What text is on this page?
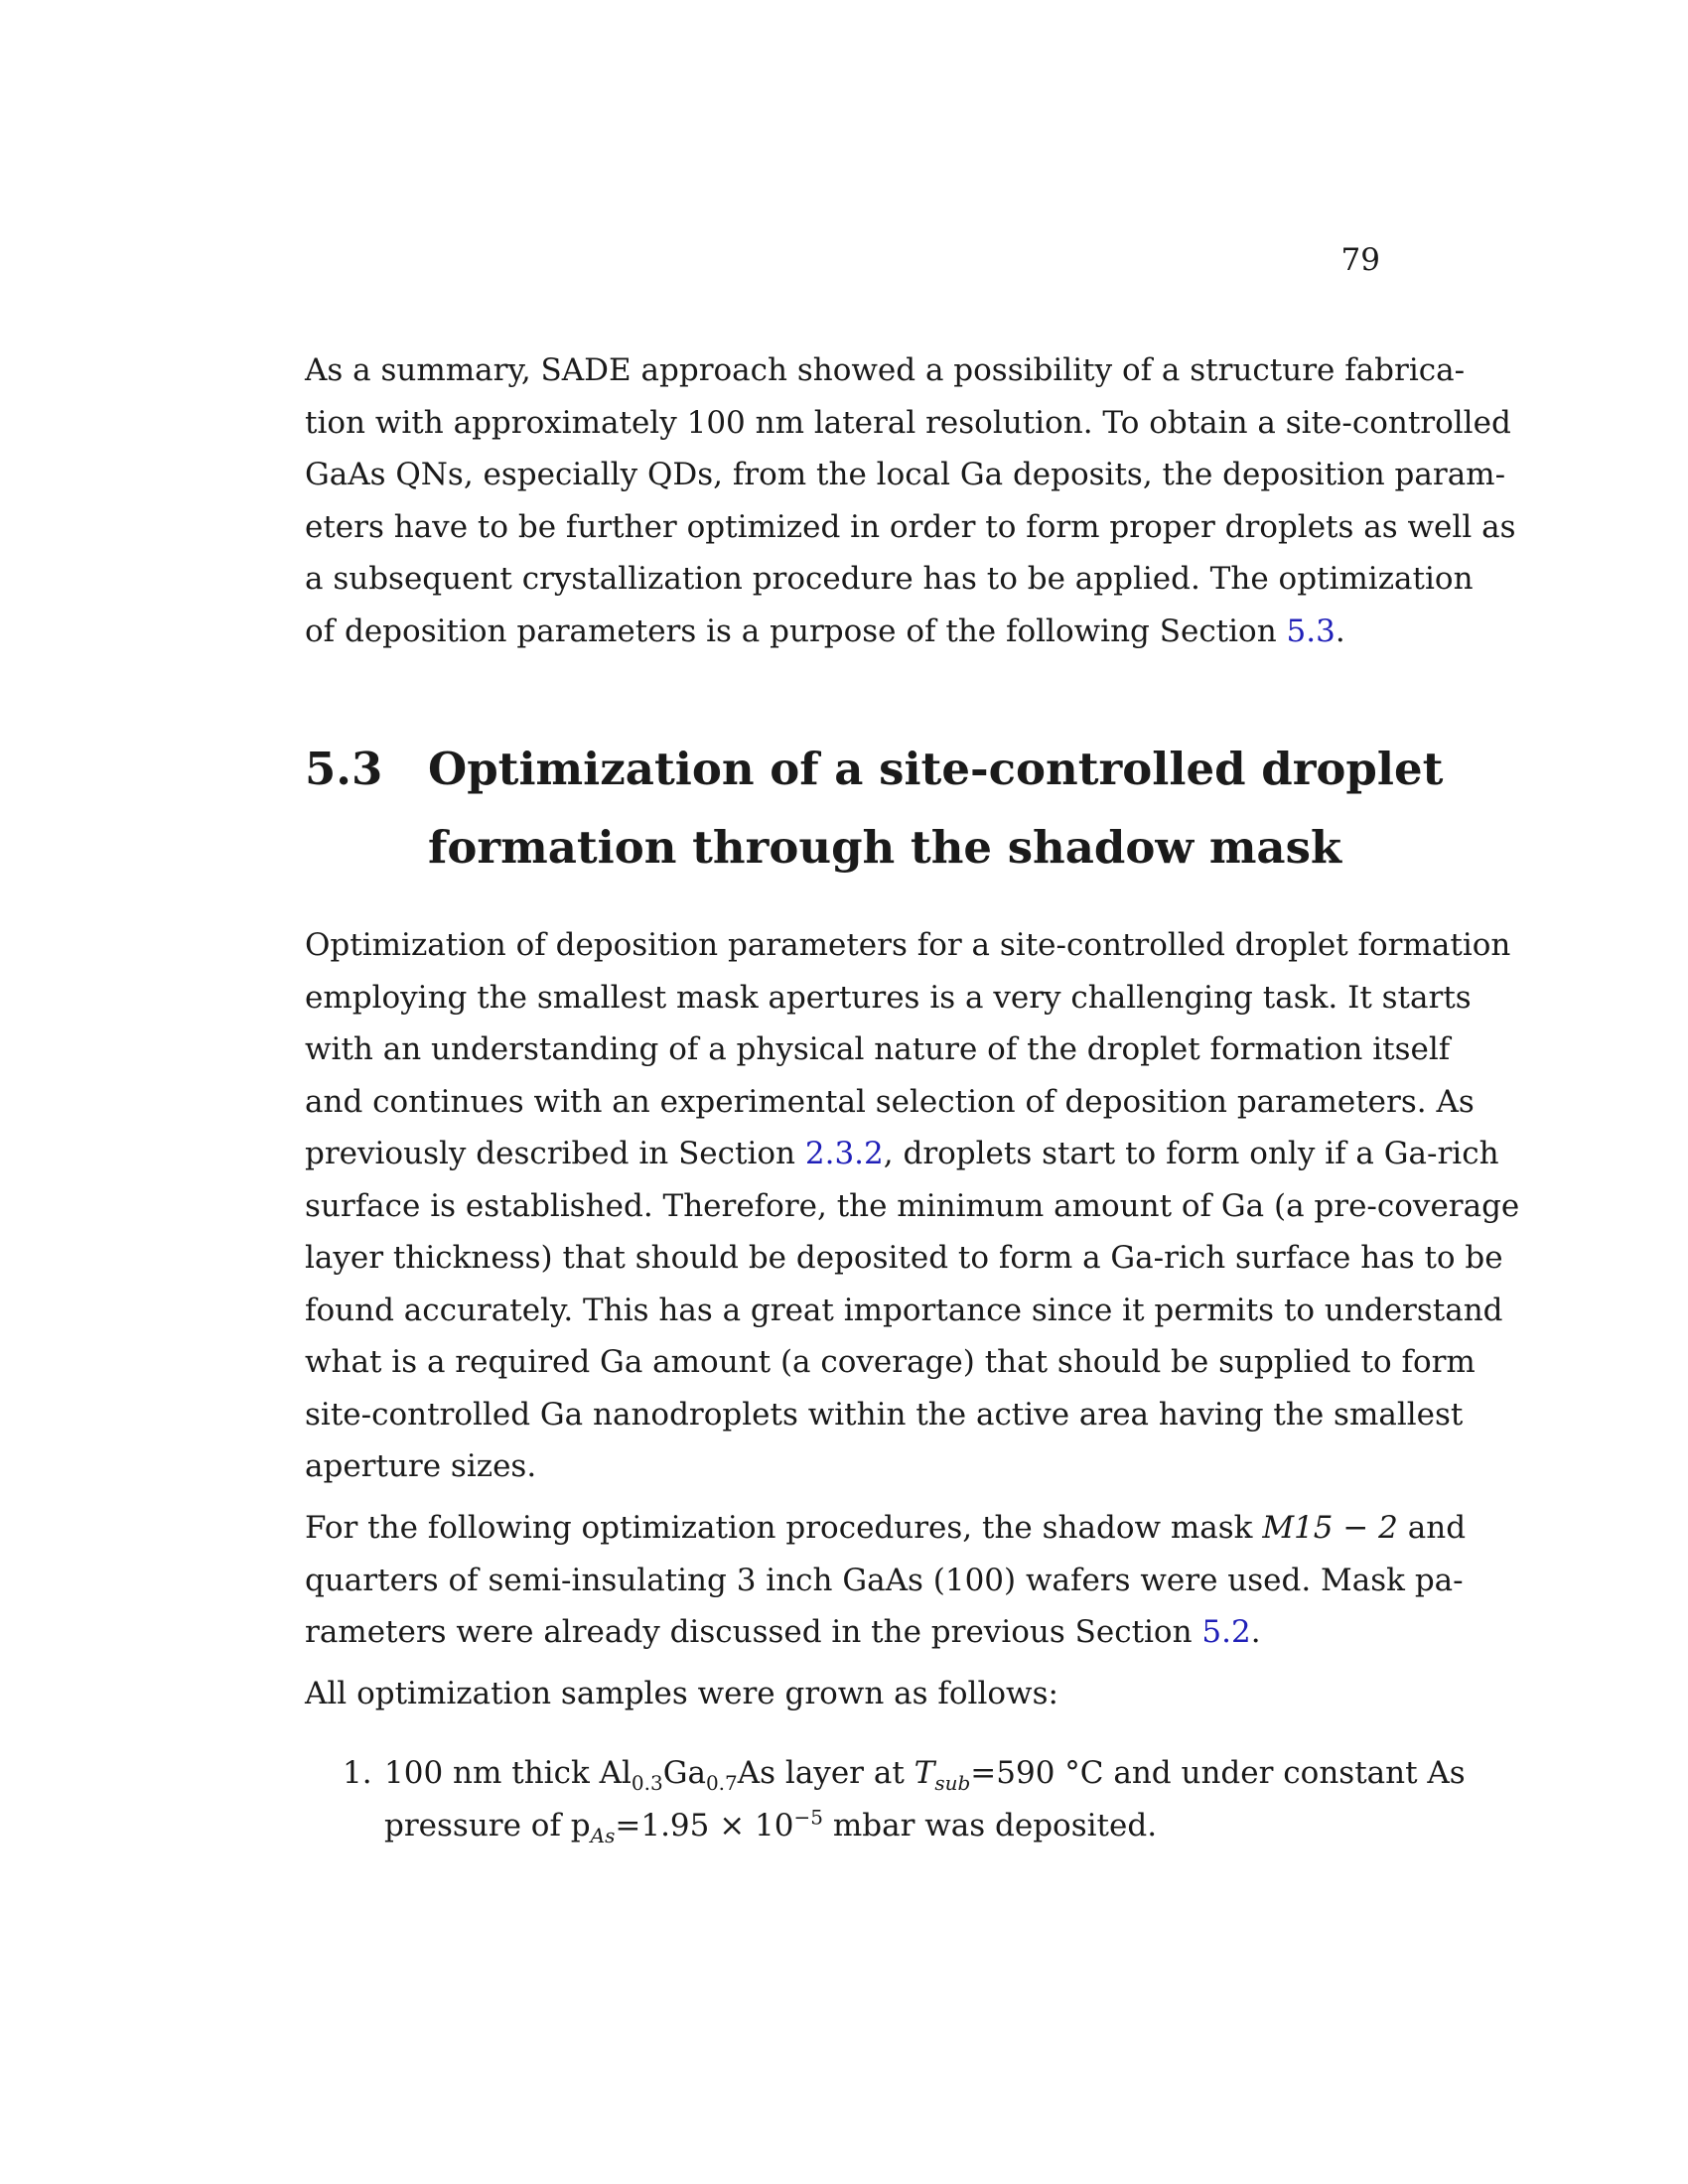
79
As a summary, SADE approach showed a possibility of a structure fabrica-
tion with approximately 100 nm lateral resolution. To obtain a site-controlled
GaAs QNs, especially QDs, from the local Ga deposits, the deposition param-
eters have to be further optimized in order to form proper droplets as well as
a subsequent crystallization procedure has to be applied. The optimization
of deposition parameters is a purpose of the following Section 5.3.
5.3 Optimization of a site-controlled droplet
formation through the shadow mask
Optimization of deposition parameters for a site-controlled droplet formation
employing the smallest mask apertures is a very challenging task. It starts
with an understanding of a physical nature of the droplet formation itself
and continues with an experimental selection of deposition parameters. As
previously described in Section 2.3.2, droplets start to form only if a Ga-rich
surface is established. Therefore, the minimum amount of Ga (a pre-coverage
layer thickness) that should be deposited to form a Ga-rich surface has to be
found accurately. This has a great importance since it permits to understand
what is a required Ga amount (a coverage) that should be supplied to form
site-controlled Ga nanodroplets within the active area having the smallest
aperture sizes.
For the following optimization procedures, the shadow mask M15 − 2 and
quarters of semi-insulating 3 inch GaAs (100) wafers were used. Mask pa-
rameters were already discussed in the previous Section 5.2.
All optimization samples were grown as follows:
1. 100 nm thick $Al_{0.3}Ga_{0.7}As$ layer at $T_{sub}=590$ °C and under constant As
pressure of $p_{As}=1.95 \times 10^{-5}$ mbar was deposited.
